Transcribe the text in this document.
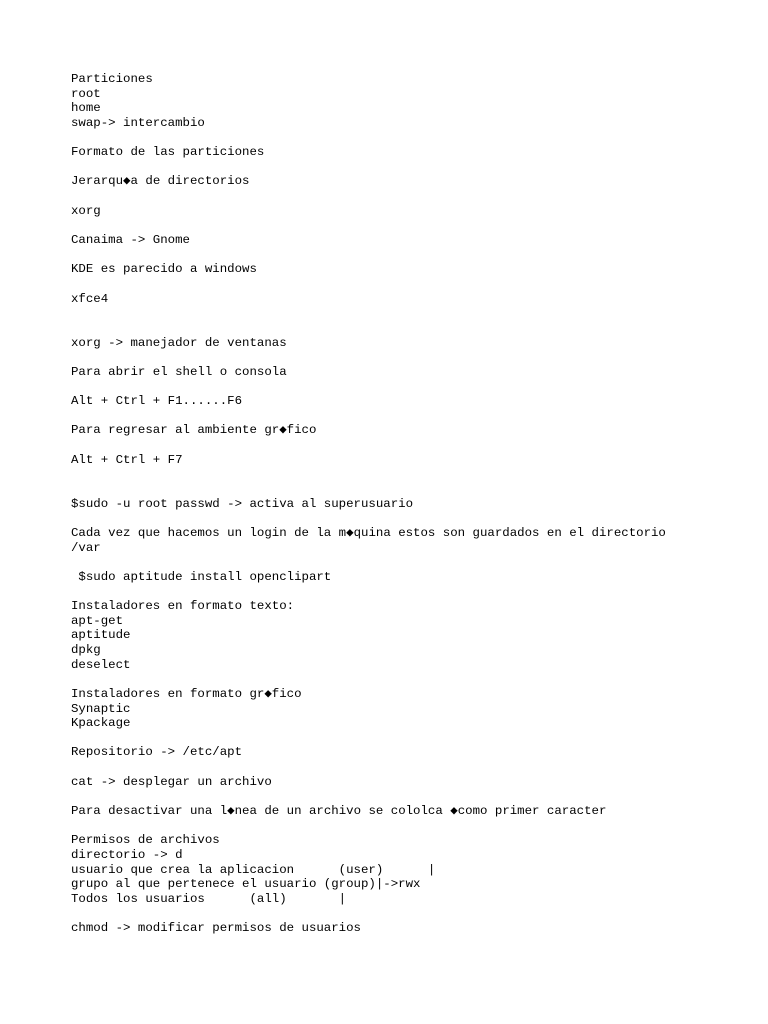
Particiones
root
home
swap-> intercambio
Formato de las particiones
Jerarqu◆a de directorios
xorg
Canaima -> Gnome
KDE es parecido a windows
xfce4
xorg -> manejador de ventanas
Para abrir el shell o consola
Alt + Ctrl + F1......F6
Para regresar al ambiente gr◆fico
Alt + Ctrl + F7
$sudo -u root passwd -> activa al superusuario
Cada vez que hacemos un login de la m◆quina estos son guardados en el directorio
/var
$sudo aptitude install openclipart
Instaladores en formato texto:
apt-get
aptitude
dpkg
deselect
Instaladores en formato gr◆fico
Synaptic
Kpackage
Repositorio -> /etc/apt
cat -> desplegar un archivo
Para desactivar una l◆nea de un archivo se cololca ◆como primer caracter
Permisos de archivos
directorio -> d
usuario que crea la aplicacion      (user)      |
grupo al que pertenece el usuario (group)|->rwx
Todos los usuarios      (all)       |
chmod -> modificar permisos de usuarios
